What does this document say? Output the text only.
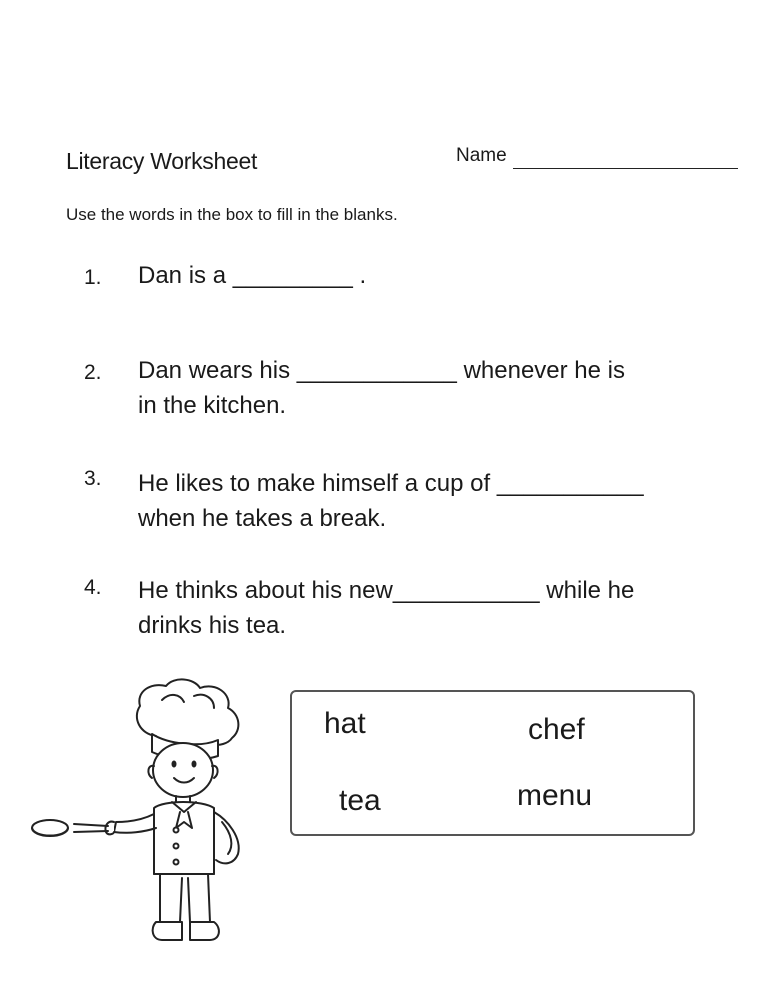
Literacy Worksheet	Name
Use the words in the box to fill in the blanks.
1. Dan is a _________ .
2. Dan wears his ____________ whenever he is
in the kitchen.
3. He likes to make himself a cup of ___________
when he takes a break.
4. He thinks about his new___________ while he
drinks his tea.
hat	chef
tea	menu
